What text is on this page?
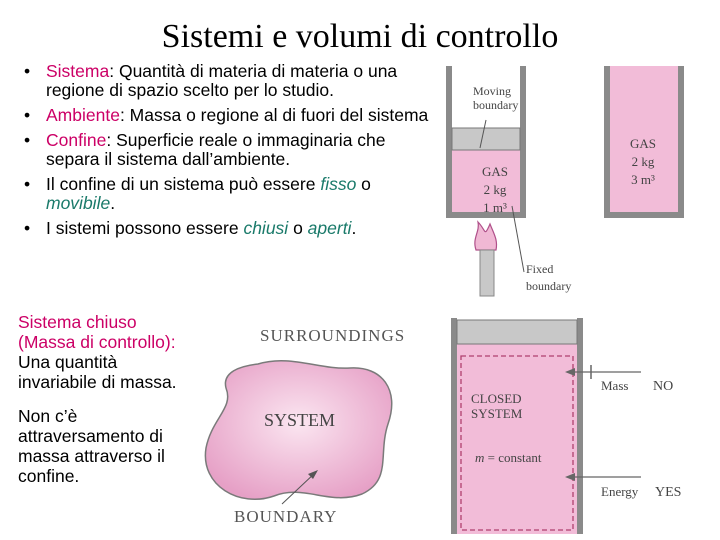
Sistemi e volumi di controllo
• Sistema: Quantità di materia di materia o una regione di spazio scelto per lo studio.
• Ambiente: Massa o regione al di fuori del sistema
• Confine: Superficie reale o immaginaria che separa il sistema dall’ambiente.
• Il confine di un sistema può essere fisso o movibile.
• I sistemi possono essere chiusi o aperti.

Sistema chiuso (Massa di controllo):
Una quantità invariabile di massa.

Non c’è attraversamento di massa attraverso il confine.

Moving boundary
GAS 2 kg 1 m³
GAS 2 kg 3 m³
Fixed boundary
SURROUNDINGS
SYSTEM
BOUNDARY
CLOSED SYSTEM
m = constant
Mass NO
Energy YES
